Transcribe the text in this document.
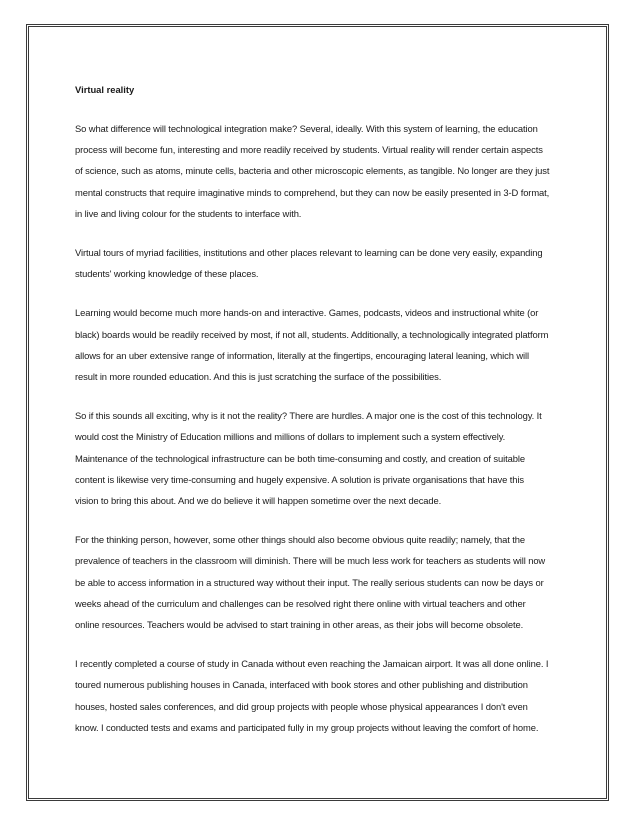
Virtual reality
So what difference will technological integration make? Several, ideally. With this system of learning, the education
process will become fun, interesting and more readily received by students. Virtual reality will render certain aspects
of science, such as atoms, minute cells, bacteria and other microscopic elements, as tangible. No longer are they just
mental constructs that require imaginative minds to comprehend, but they can now be easily presented in 3-D format,
in live and living colour for the students to interface with.
Virtual tours of myriad facilities, institutions and other places relevant to learning can be done very easily, expanding
students' working knowledge of these places.
Learning would become much more hands-on and interactive. Games, podcasts, videos and instructional white (or
black) boards would be readily received by most, if not all, students. Additionally, a technologically integrated platform
allows for an uber extensive range of information, literally at the fingertips, encouraging lateral leaning, which will
result in more rounded education. And this is just scratching the surface of the possibilities.
So if this sounds all exciting, why is it not the reality? There are hurdles. A major one is the cost of this technology. It
would cost the Ministry of Education millions and millions of dollars to implement such a system effectively.
Maintenance of the technological infrastructure can be both time-consuming and costly, and creation of suitable
content is likewise very time-consuming and hugely expensive. A solution is private organisations that have this
vision to bring this about. And we do believe it will happen sometime over the next decade.
For the thinking person, however, some other things should also become obvious quite readily; namely, that the
prevalence of teachers in the classroom will diminish. There will be much less work for teachers as students will now
be able to access information in a structured way without their input. The really serious students can now be days or
weeks ahead of the curriculum and challenges can be resolved right there online with virtual teachers and other
online resources. Teachers would be advised to start training in other areas, as their jobs will become obsolete.
I recently completed a course of study in Canada without even reaching the Jamaican airport. It was all done online. I
toured numerous publishing houses in Canada, interfaced with book stores and other publishing and distribution
houses, hosted sales conferences, and did group projects with people whose physical appearances I don't even
know. I conducted tests and exams and participated fully in my group projects without leaving the comfort of home.
